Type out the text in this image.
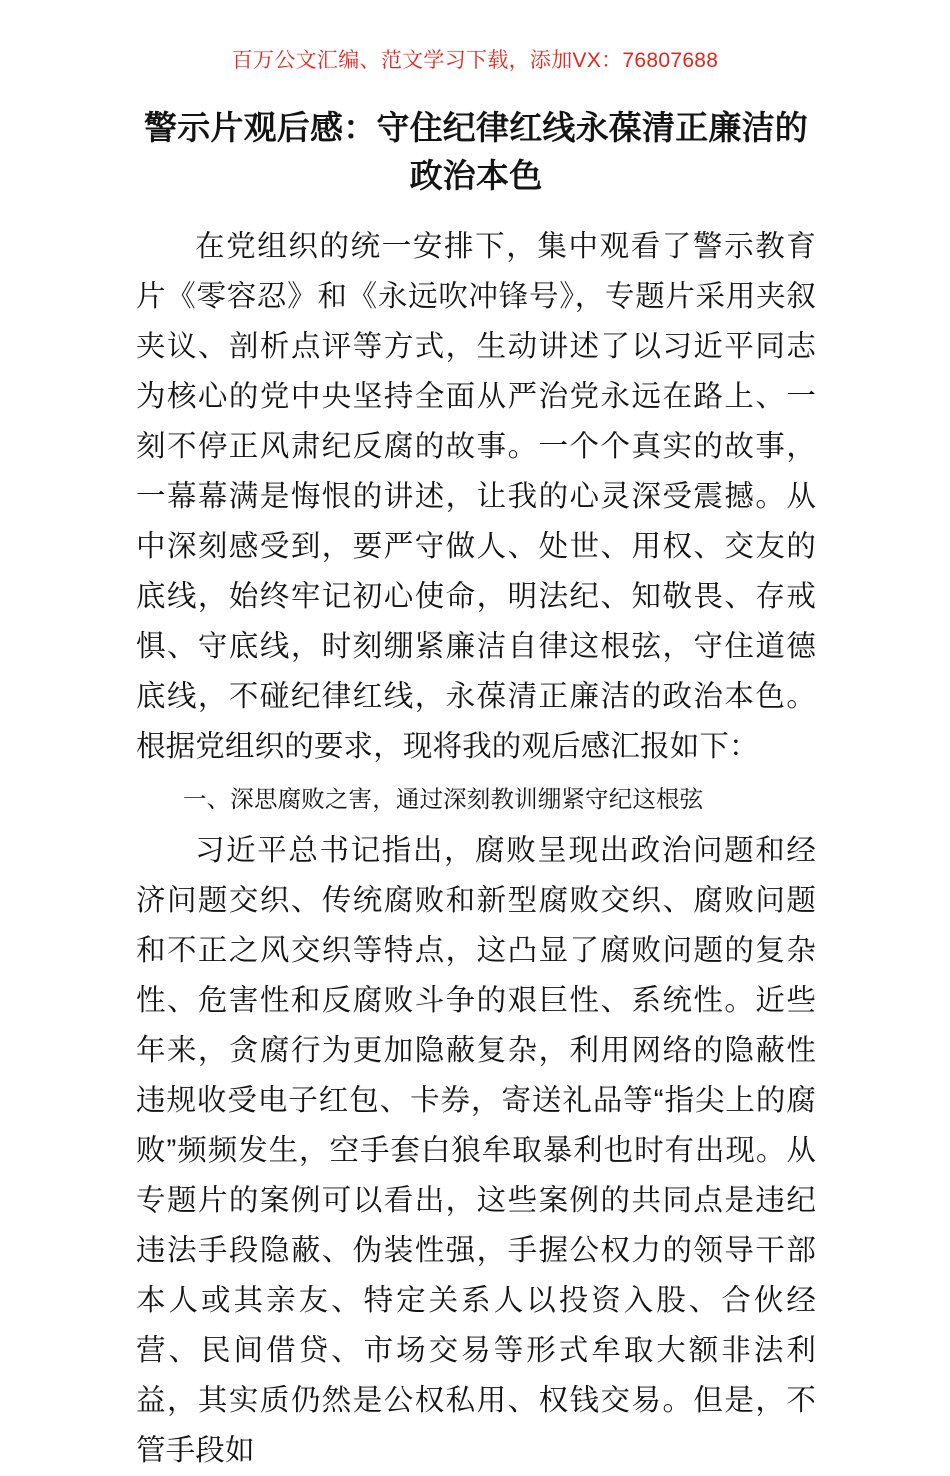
百万公文汇编、范文学习下载，添加VX：76807688
警示片观后感：守住纪律红线永葆清正廉洁的政治本色

在党组织的统一安排下，集中观看了警示教育片《零容忍》和《永远吹冲锋号》，专题片采用夹叙夹议、剖析点评等方式，生动讲述了以习近平同志为核心的党中央坚持全面从严治党永远在路上、一刻不停正风肃纪反腐的故事。一个个真实的故事，一幕幕满是悔恨的讲述，让我的心灵深受震撼。从中深刻感受到，要严守做人、处世、用权、交友的底线，始终牢记初心使命，明法纪、知敬畏、存戒惧、守底线，时刻绷紧廉洁自律这根弦，守住道德底线，不碰纪律红线，永葆清正廉洁的政治本色。根据党组织的要求，现将我的观后感汇报如下：

一、深思腐败之害，通过深刻教训绷紧守纪这根弦

习近平总书记指出，腐败呈现出政治问题和经济问题交织、传统腐败和新型腐败交织、腐败问题和不正之风交织等特点，这凸显了腐败问题的复杂性、危害性和反腐败斗争的艰巨性、系统性。近些年来，贪腐行为更加隐蔽复杂，利用网络的隐蔽性违规收受电子红包、卡券，寄送礼品等“指尖上的腐败”频频发生，空手套白狼牟取暴利也时有出现。从专题片的案例可以看出，这些案例的共同点是违纪违法手段隐蔽、伪装性强，手握公权力的领导干部本人或其亲友、特定关系人以投资入股、合伙经营、民间借贷、市场交易等形式牟取大额非法利益，其实质仍然是公权私用、权钱交易。但是，不管手段如
